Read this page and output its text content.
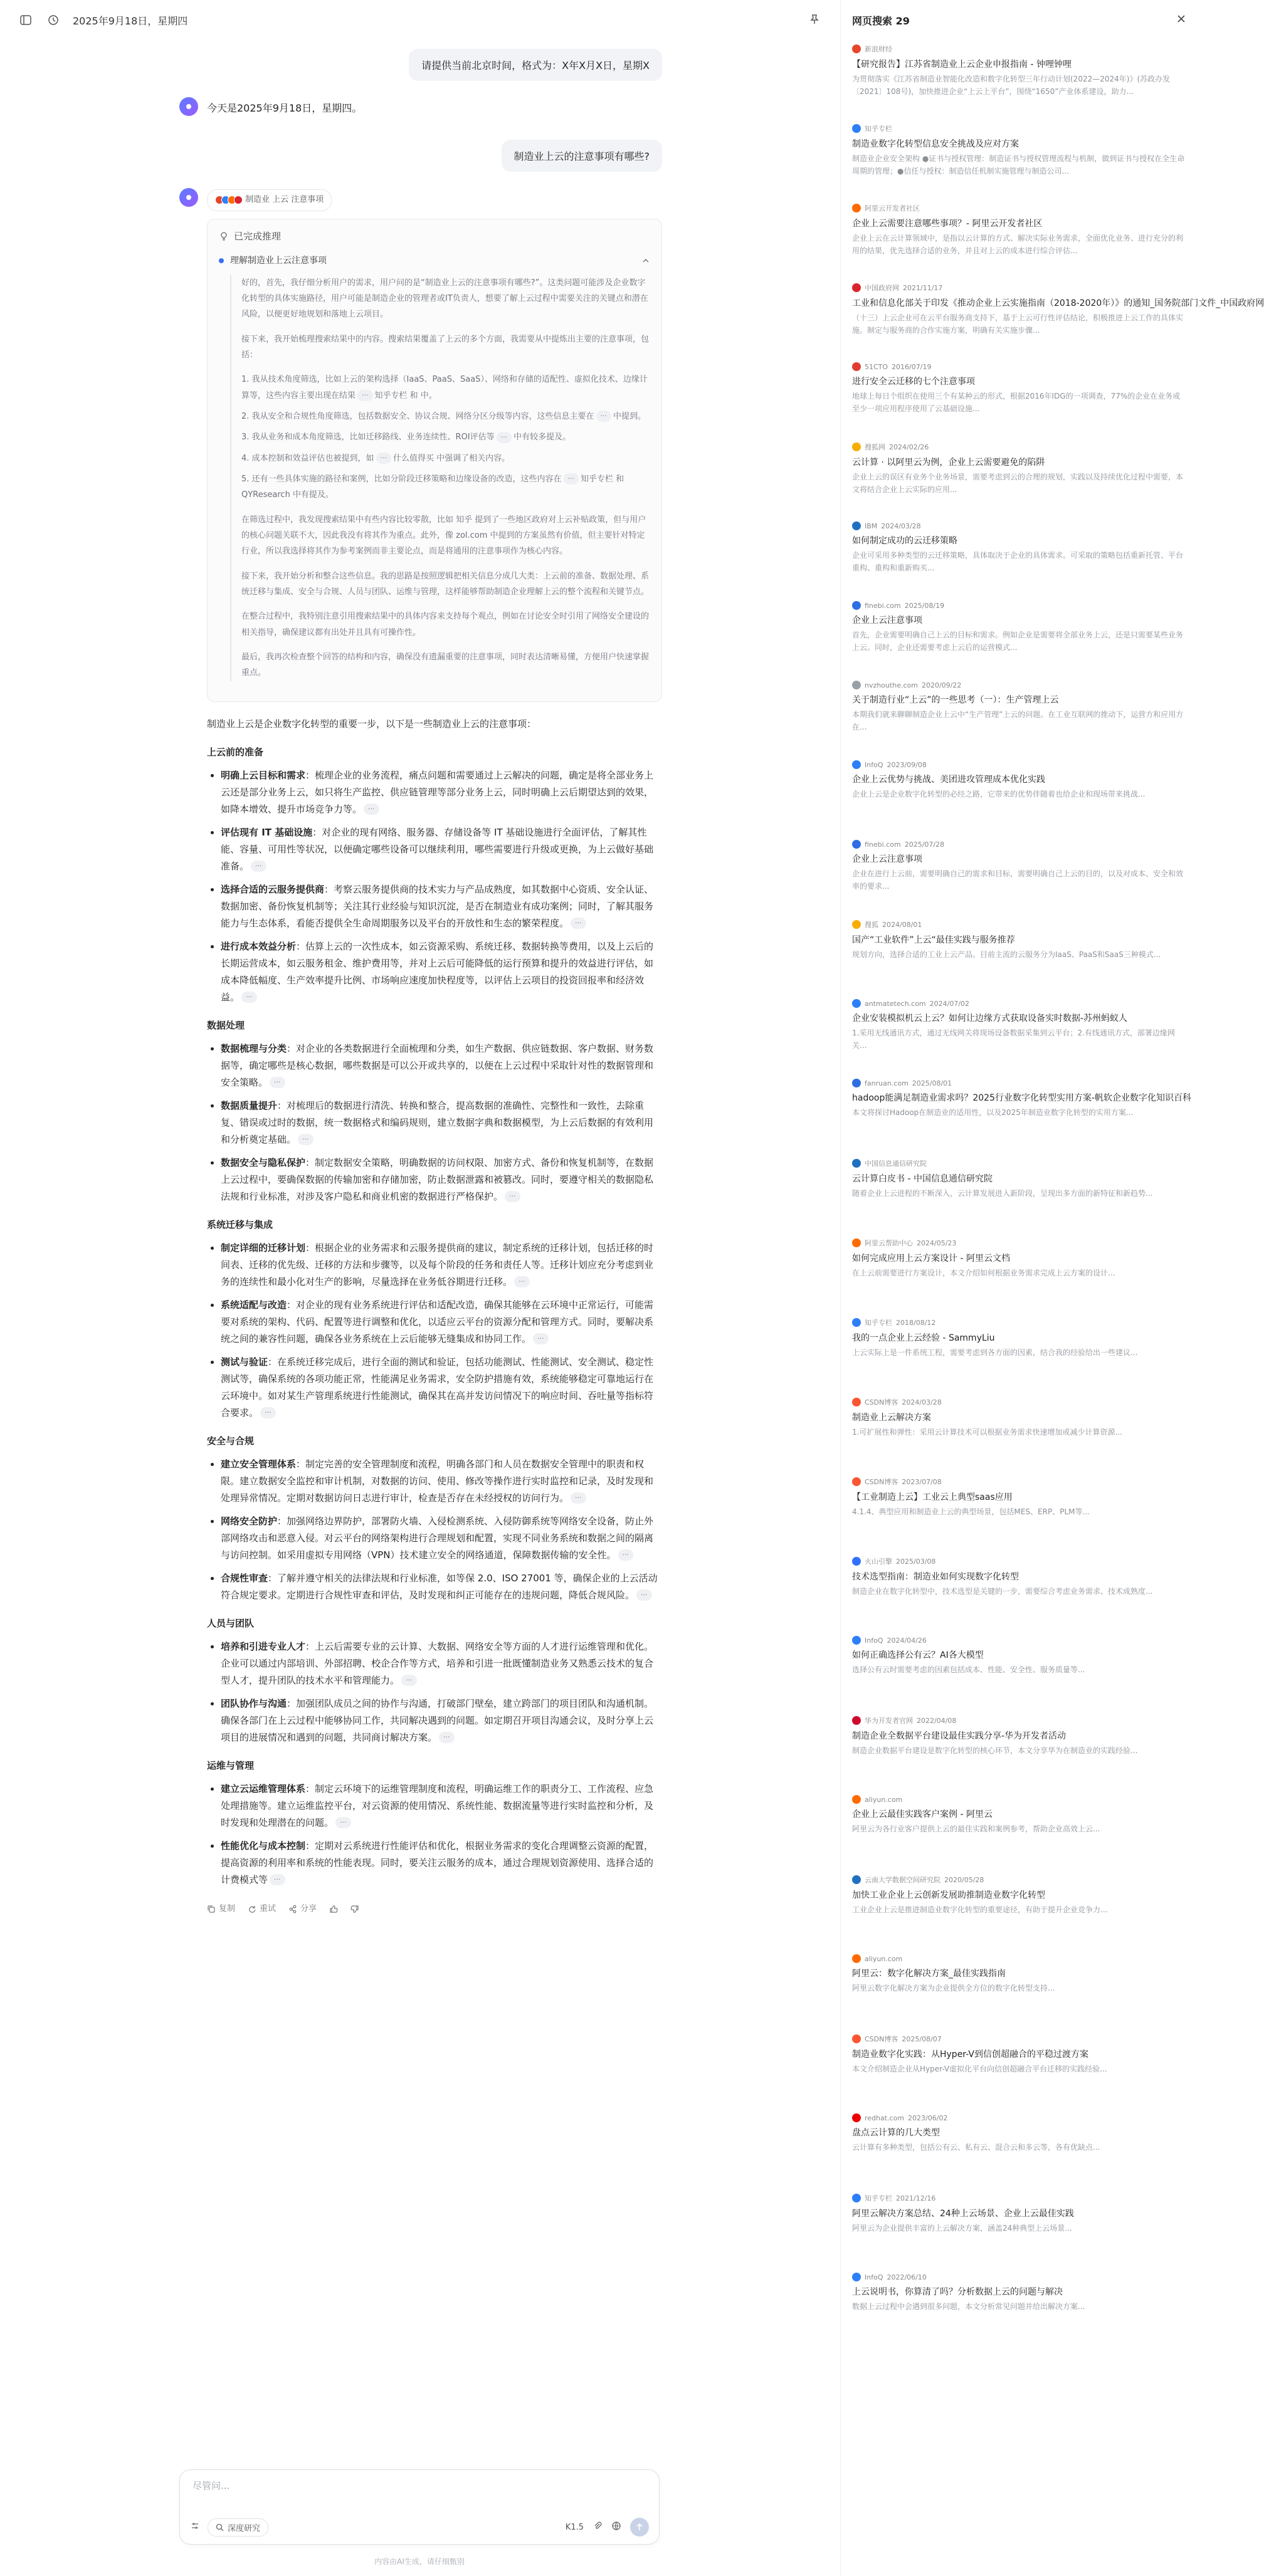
2025年9月18日，星期四
请提供当前北京时间，格式为：X年X月X日，星期X
今天是2025年9月18日，星期四。
制造业上云的注意事项有哪些?
制造业 上云 注意事项
已完成推理
理解制造业上云注意事项

好的，首先，我仔细分析用户的需求，用户问的是“制造业上云的注意事项有哪些?”。这类问题可能涉及企业数字化转型的具体实施路径，用户可能是制造企业的管理者或IT负责人，想要了解上云过程中需要关注的关键点和潜在风险，以便更好地规划和落地上云项目。

接下来，我开始梳理搜索结果中的内容。搜索结果覆盖了上云的多个方面，我需要从中提炼出主要的注意事项，包括：

1. 我从技术角度筛选，比如上云的架构选择（IaaS、PaaS、SaaS）、网络和存储的适配性、虚拟化技术、边缘计算等，这些内容主要出现在结果 ··· 知乎专栏 和 中。
2. 我从安全和合规性角度筛选，包括数据安全、协议合规、网络分区分级等内容，这些信息主要在 ··· 中提到。
3. 我从业务和成本角度筛选，比如迁移路线、业务连续性、ROI评估等 ··· 中有较多提及。
4. 成本控制和效益评估也被提到，如 ··· 什么值得买 中强调了相关内容。
5. 还有一些具体实施的路径和案例，比如分阶段迁移策略和边缘设备的改造，这些内容在 ··· 知乎专栏 和 QYResearch 中有提及。

在筛选过程中，我发现搜索结果中有些内容比较零散，比如 知乎 提到了一些地区政府对上云补贴政策，但与用户的核心问题关联不大，因此我没有将其作为重点。此外，像 zol.com 中提到的方案虽然有价值，但主要针对特定行业，所以我选择将其作为参考案例而非主要论点，而是将通用的注意事项作为核心内容。

接下来，我开始分析和整合这些信息。我的思路是按照逻辑把相关信息分成几大类：上云前的准备、数据处理、系统迁移与集成、安全与合规、人员与团队、运维与管理，这样能够帮助制造企业理解上云的整个流程和关键节点。

在整合过程中，我特别注意引用搜索结果中的具体内容来支持每个观点，例如在讨论安全时引用了网络安全建设的相关指导，确保建议都有出处并且具有可操作性。

最后，我再次检查整个回答的结构和内容，确保没有遗漏重要的注意事项，同时表达清晰易懂，方便用户快速掌握重点。

制造业上云是企业数字化转型的重要一步，以下是一些制造业上云的注意事项：
上云前的准备
• 明确上云目标和需求：梳理企业的业务流程，痛点问题和需要通过上云解决的问题，确定是将全部业务上云还是部分业务上云，如只将生产监控、供应链管理等部分业务上云，同时明确上云后期望达到的效果，如降本增效、提升市场竞争力等。 ···
• 评估现有 IT 基础设施：对企业的现有网络、服务器、存储设备等 IT 基础设施进行全面评估，了解其性能、容量、可用性等状况，以便确定哪些设备可以继续利用，哪些需要进行升级或更换，为上云做好基础准备。 ···
• 选择合适的云服务提供商：考察云服务提供商的技术实力与产品成熟度，如其数据中心资质、安全认证、数据加密、备份恢复机制等；关注其行业经验与知识沉淀，是否在制造业有成功案例；同时，了解其服务能力与生态体系，看能否提供全生命周期服务以及平台的开放性和生态的繁荣程度。 ···
• 进行成本效益分析：估算上云的一次性成本，如云资源采购、系统迁移、数据转换等费用，以及上云后的长期运营成本，如云服务租金、维护费用等，并对上云后可能降低的运行预算和提升的效益进行评估，如成本降低幅度、生产效率提升比例、市场响应速度加快程度等，以评估上云项目的投资回报率和经济效益。 ···
数据处理
• 数据梳理与分类：对企业的各类数据进行全面梳理和分类，如生产数据、供应链数据、客户数据、财务数据等，确定哪些是核心数据，哪些数据是可以公开或共享的，以便在上云过程中采取针对性的数据管理和安全策略。 ···
• 数据质量提升：对梳理后的数据进行清洗、转换和整合，提高数据的准确性、完整性和一致性，去除重复、错误或过时的数据，统一数据格式和编码规则，建立数据字典和数据模型，为上云后数据的有效利用和分析奠定基础。 ···
• 数据安全与隐私保护：制定数据安全策略，明确数据的访问权限、加密方式、备份和恢复机制等，在数据上云过程中，要确保数据的传输加密和存储加密，防止数据泄露和被篡改。同时，要遵守相关的数据隐私法规和行业标准，对涉及客户隐私和商业机密的数据进行严格保护。 ···
系统迁移与集成
• 制定详细的迁移计划：根据企业的业务需求和云服务提供商的建议，制定系统的迁移计划，包括迁移的时间表、迁移的优先级、迁移的方法和步骤等，以及每个阶段的任务和责任人等。迁移计划应充分考虑到业务的连续性和最小化对生产的影响，尽量选择在业务低谷期进行迁移。 ···
• 系统适配与改造：对企业的现有业务系统进行评估和适配改造，确保其能够在云环境中正常运行，可能需要对系统的架构、代码、配置等进行调整和优化，以适应云平台的资源分配和管理方式。同时，要解决系统之间的兼容性问题，确保各业务系统在上云后能够无缝集成和协同工作。 ···
• 测试与验证：在系统迁移完成后，进行全面的测试和验证，包括功能测试、性能测试、安全测试、稳定性测试等，确保系统的各项功能正常，性能满足业务需求，安全防护措施有效，系统能够稳定可靠地运行在云环境中。如对某生产管理系统进行性能测试，确保其在高并发访问情况下的响应时间、吞吐量等指标符合要求。 ···
安全与合规
• 建立安全管理体系：制定完善的安全管理制度和流程，明确各部门和人员在数据安全管理中的职责和权限。建立数据安全监控和审计机制，对数据的访问、使用、修改等操作进行实时监控和记录，及时发现和处理异常情况。定期对数据访问日志进行审计，检查是否存在未经授权的访问行为。 ···
• 网络安全防护：加强网络边界防护，部署防火墙、入侵检测系统、入侵防御系统等网络安全设备，防止外部网络攻击和恶意入侵。对云平台的网络架构进行合理规划和配置，实现不同业务系统和数据之间的隔离与访问控制。如采用虚拟专用网络（VPN）技术建立安全的网络通道，保障数据传输的安全性。 ···
• 合规性审查：了解并遵守相关的法律法规和行业标准，如等保 2.0、ISO 27001 等，确保企业的上云活动符合规定要求。定期进行合规性审查和评估，及时发现和纠正可能存在的违规问题，降低合规风险。 ···
人员与团队
• 培养和引进专业人才：上云后需要专业的云计算、大数据、网络安全等方面的人才进行运维管理和优化。企业可以通过内部培训、外部招聘、校企合作等方式，培养和引进一批既懂制造业务又熟悉云技术的复合型人才，提升团队的技术水平和管理能力。 ···
• 团队协作与沟通：加强团队成员之间的协作与沟通，打破部门壁垒，建立跨部门的项目团队和沟通机制。确保各部门在上云过程中能够协同工作，共同解决遇到的问题。如定期召开项目沟通会议，及时分享上云项目的进展情况和遇到的问题，共同商讨解决方案。 ···
运维与管理
• 建立云运维管理体系：制定云环境下的运维管理制度和流程，明确运维工作的职责分工、工作流程、应急处理措施等。建立运维监控平台，对云资源的使用情况、系统性能、数据流量等进行实时监控和分析，及时发现和处理潜在的问题。 ···
• 性能优化与成本控制：定期对云系统进行性能评估和优化，根据业务需求的变化合理调整云资源的配置，提高资源的利用率和系统的性能表现。同时，要关注云服务的成本，通过合理规划资源使用、选择合适的计费模式等 ···
复制	重试	分享
尽管问...
深度研究	K1.5
内容由AI生成，请仔细甄别
网页搜索 29
新浪财经
【研究报告】江苏省制造业上云企业申报指南 - 钟哩钟哩
为贯彻落实《江苏省制造业智能化改造和数字化转型三年行动计划(2022—2024年)》(苏政办发〔2021〕108号)，加快推进企业“上云上平台”，围绕“1650”产业体系建设，助力...
知乎专栏
制造业数字化转型信息安全挑战及应对方案
制造业企业安全架构 ●证书与授权管理：制造证书与授权管理流程与机制，做到证书与授权在全生命周期的管理；●信任与授权：制造信任机制实施管理与制造公司...
阿里云开发者社区
企业上云需要注意哪些事项？- 阿里云开发者社区
企业上云在云计算领域中，是指以云计算的方式、解决实际业务需求，全面优化业务、进行充分的利用的结果，优先选择合适的业务，并且对上云的成本进行综合评估...
中国政府网 2021/11/17
工业和信息化部关于印发《推动企业上云实施指南（2018-2020年）》的通知_国务院部门文件_中国政府网
（十三）上云企业可在云平台服务商支持下，基于上云可行性评估结论，积极推进上云工作的具体实施。制定与服务商的合作实施方案，明确有关实施步骤...
51CTO 2016/07/19
进行安全云迁移的七个注意事项
地球上每日个组织在使用三个有某种云的形式，根据2016年IDG的一项调查，77%的企业在业务或至少一项应用程序使用了云基础设施...
搜狐网 2024/02/26
云计算 · 以阿里云为例，企业上云需要避免的陷阱
企业上云的误区有业务个业务场景，需要考虑到云的合理的规划，实践以及持续优化过程中需要，本文将结合企业上云实际的应用...
IBM 2024/03/28
如何制定成功的云迁移策略
企业可采用多种类型的云迁移策略，具体取决于企业的具体需求。可采取的策略包括重新托管、平台重构、重构和重新购买...
finebi.com 2025/08/19
企业上云注意事项
首先，企业需要明确自己上云的目标和需求。例如企业是需要将全部业务上云，还是只需要某些业务上云。同时，企业还需要考虑上云后的运营模式...
nvzhouthe.com 2020/09/22
关于制造行业“上云”的一些思考（一）：生产管理上云
本期我们就来聊聊制造企业上云中“生产管理”上云的问题。在工业互联网的推动下，运营方和应用方在...
InfoQ 2023/09/08
企业上云优势与挑战、美团进攻管理成本优化实践
企业上云是企业数字化转型的必经之路，它带来的优势伴随着也给企业和现场带来挑战...
finebi.com 2025/07/28
企业上云注意事项
企业在进行上云前，需要明确自己的需求和目标，需要明确自己上云的目的，以及对成本、安全和效率的要求...
搜狐 2024/08/01
国产“工业软件”上云“最佳实践与服务推荐
规划方向，选择合适的工业上云产品。目前主流的云服务分为IaaS、PaaS和SaaS三种模式...
antmatetech.com 2024/07/02
企业安装模拟机云上云？如何让边缘方式获取设备实时数据-苏州蚂蚁人
1.采用无线通讯方式，通过无线网关将现场设备数据采集到云平台；2.有线通讯方式，部署边缘网关...
fanruan.com 2025/08/01
hadoop能满足制造业需求吗？2025行业数字化转型实用方案-帆软企业数字化知识百科
本文将探讨Hadoop在制造业的适用性，以及2025年制造业数字化转型的实用方案...
中国信息通信研究院
云计算白皮书 - 中国信息通信研究院
随着企业上云进程的不断深入，云计算发展进入新阶段，呈现出多方面的新特征和新趋势...
阿里云帮助中心 2024/05/23
如何完成应用上云方案设计 - 阿里云文档
在上云前需要进行方案设计，本文介绍如何根据业务需求完成上云方案的设计...
知乎专栏 2018/08/12
我的一点企业上云经验 - SammyLiu
上云实际上是一件系统工程，需要考虑到各方面的因素，结合我的经验给出一些建议...
CSDN博客 2024/03/28
制造业上云解决方案
1.可扩展性和弹性：采用云计算技术可以根据业务需求快速增加或减少计算资源...
CSDN博客 2023/07/08
【工业制造上云】工业云上典型saas应用
4.1.4、典型应用和制造业上云的典型场景，包括MES、ERP、PLM等...
火山引擎 2025/03/08
技术选型指南：制造业如何实现数字化转型
制造企业在数字化转型中，技术选型是关键的一步，需要综合考虑业务需求、技术成熟度...
InfoQ 2024/04/26
如何正确选择公有云？AI各大模型
选择公有云时需要考虑的因素包括成本、性能、安全性、服务质量等...
华为开发者官网 2022/04/08
制造企业全数据平台建设最佳实践分享-华为开发者活动
制造企业数据平台建设是数字化转型的核心环节，本文分享华为在制造业的实践经验...
aliyun.com
企业上云最佳实践客户案例 - 阿里云
阿里云为各行业客户提供上云的最佳实践和案例参考，帮助企业高效上云...
云南大学数据空间研究院 2020/05/28
加快工业企业上云创新发展助推制造业数字化转型
工业企业上云是推进制造业数字化转型的重要途径，有助于提升企业竞争力...
aliyun.com
阿里云：数字化解决方案_最佳实践指南
阿里云数字化解决方案为企业提供全方位的数字化转型支持...
CSDN博客 2025/08/07
制造业数字化实践：从Hyper-V到信创超融合的平稳过渡方案
本文介绍制造企业从Hyper-V虚拟化平台向信创超融合平台迁移的实践经验...
redhat.com 2023/06/02
盘点云计算的几大类型
云计算有多种类型，包括公有云、私有云、混合云和多云等，各有优缺点...
知乎专栏 2021/12/16
阿里云解决方案总结、24种上云场景、企业上云最佳实践
阿里云为企业提供丰富的上云解决方案，涵盖24种典型上云场景...
InfoQ 2022/06/10
上云说明书，你算清了吗？分析数据上云的问题与解决
数据上云过程中会遇到很多问题，本文分析常见问题并给出解决方案...
